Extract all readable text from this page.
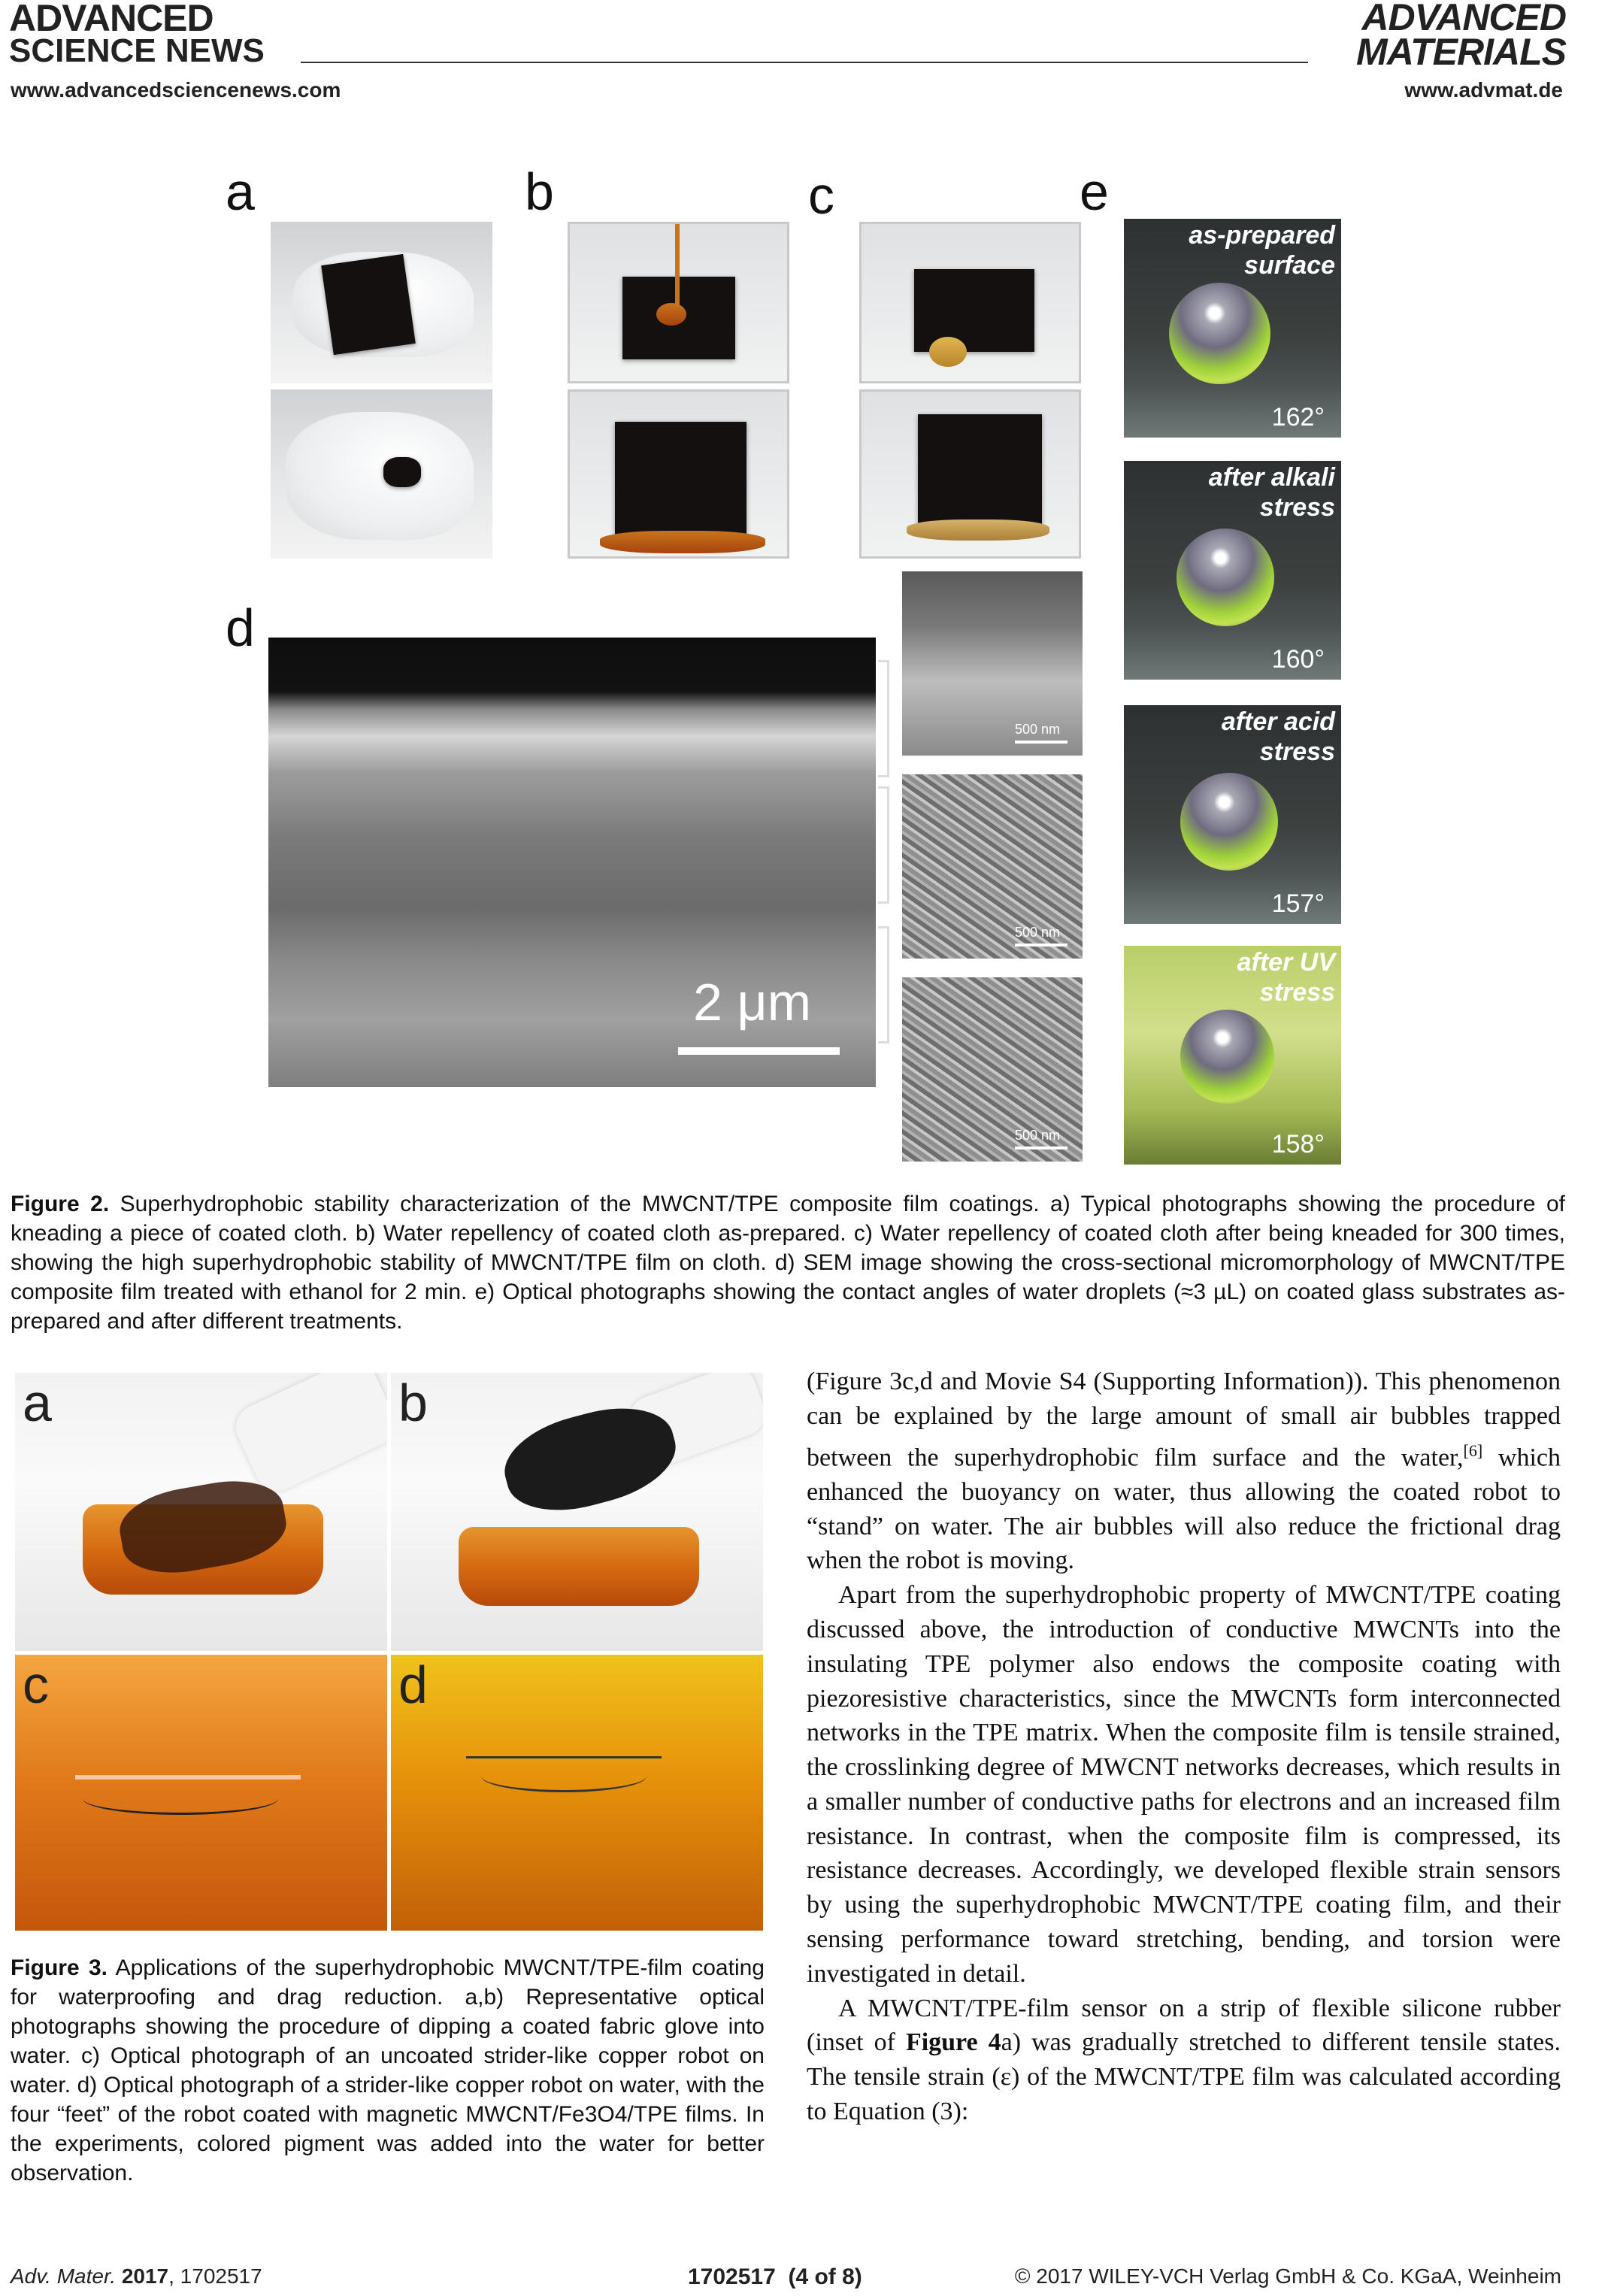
ADVANCED
SCIENCE NEWS
www.advancedsciencenews.com
ADVANCED
MATERIALS
www.advmat.de
a	b	c	e
d
2 μm
500 nm
500 nm
500 nm
as-prepared
surface
162°
after alkali
stress
160°
after acid
stress
157°
after UV
stress
158°
Figure 2. Superhydrophobic stability characterization of the MWCNT/TPE composite film coatings. a) Typical photographs showing the procedure of kneading a piece of coated cloth. b) Water repellency of coated cloth as-prepared. c) Water repellency of coated cloth after being kneaded for 300 times, showing the high superhydrophobic stability of MWCNT/TPE film on cloth. d) SEM image showing the cross-sectional micromorphology of MWCNT/TPE composite film treated with ethanol for 2 min. e) Optical photographs showing the contact angles of water droplets (≈3 µL) on coated glass substrates as-prepared and after different treatments.
a	b
c	d
Figure 3. Applications of the superhydrophobic MWCNT/TPE-film coating for waterproofing and drag reduction. a,b) Representative optical photographs showing the procedure of dipping a coated fabric glove into water. c) Optical photograph of an uncoated strider-like copper robot on water. d) Optical photograph of a strider-like copper robot on water, with the four “feet” of the robot coated with magnetic MWCNT/Fe3O4/TPE films. In the experiments, colored pigment was added into the water for better observation.

(Figure 3c,d and Movie S4 (Supporting Information)). This phenomenon can be explained by the large amount of small air bubbles trapped between the superhydrophobic film surface and the water,[6] which enhanced the buoyancy on water, thus allowing the coated robot to “stand” on water. The air bubbles will also reduce the frictional drag when the robot is moving.

Apart from the superhydrophobic property of MWCNT/TPE coating discussed above, the introduction of conductive MWCNTs into the insulating TPE polymer also endows the composite coating with piezoresistive characteristics, since the MWCNTs form interconnected networks in the TPE matrix. When the composite film is tensile strained, the crosslinking degree of MWCNT networks decreases, which results in a smaller number of conductive paths for electrons and an increased film resistance. In contrast, when the composite film is compressed, its resistance decreases. Accordingly, we developed flexible strain sensors by using the superhydrophobic MWCNT/TPE coating film, and their sensing performance toward stretching, bending, and torsion were investigated in detail.

A MWCNT/TPE-film sensor on a strip of flexible silicone rubber (inset of Figure 4a) was gradually stretched to different tensile states. The tensile strain (ε) of the MWCNT/TPE film was calculated according to Equation (3):

Adv. Mater. 2017, 1702517	1702517  (4 of 8)	© 2017 WILEY-VCH Verlag GmbH & Co. KGaA, Weinheim
